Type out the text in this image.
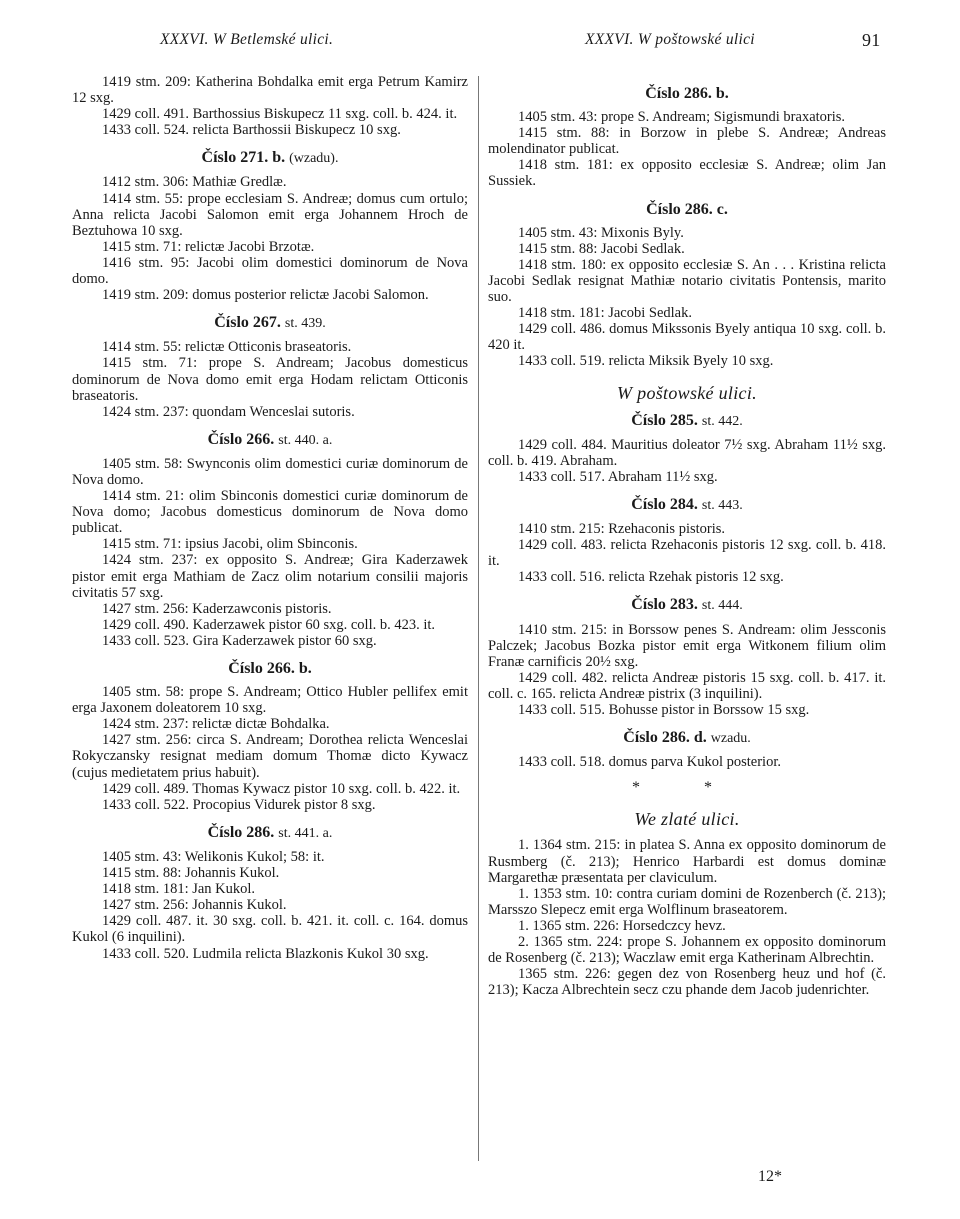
XXXVI. W Betlemské ulici.	XXXVI. W poštowské ulici	91
1419 stm. 209: Katherina Bohdalka emit erga Petrum Kamirz 12 sxg.
1429 coll. 491. Barthossius Biskupecz 11 sxg. coll. b. 424. it.
1433 coll. 524. relicta Barthossii Biskupecz 10 sxg.
Číslo 271. b. (wzadu).
1412 stm. 306: Mathiæ Gredlæ.
1414 stm. 55: prope ecclesiam S. Andreæ; domus cum ortulo; Anna relicta Jacobi Salomon emit erga Johannem Hroch de Beztuhowa 10 sxg.
1415 stm. 71: relictæ Jacobi Brzotæ.
1416 stm. 95: Jacobi olim domestici dominorum de Nova domo.
1419 stm. 209: domus posterior relictæ Jacobi Salomon.
Číslo 267. st. 439.
1414 stm. 55: relictæ Otticonis braseatoris.
1415 stm. 71: prope S. Andream; Jacobus domesticus dominorum de Nova domo emit erga Hodam relictam Otticonis braseatoris.
1424 stm. 237: quondam Wenceslai sutoris.
Číslo 266. st. 440. a.
1405 stm. 58: Swynconis olim domestici curiæ dominorum de Nova domo.
1414 stm. 21: olim Sbinconis domestici curiæ dominorum de Nova domo; Jacobus domesticus dominorum de Nova domo publicat.
1415 stm. 71: ipsius Jacobi, olim Sbinconis.
1424 stm. 237: ex opposito S. Andreæ; Gira Kaderzawek pistor emit erga Mathiam de Zacz olim notarium consilii majoris civitatis 57 sxg.
1427 stm. 256: Kaderzawconis pistoris.
1429 coll. 490. Kaderzawek pistor 60 sxg. coll. b. 423. it.
1433 coll. 523. Gira Kaderzawek pistor 60 sxg.
Číslo 266. b.
1405 stm. 58: prope S. Andream; Ottico Hubler pellifex emit erga Jaxonem doleatorem 10 sxg.
1424 stm. 237: relictæ dictæ Bohdalka.
1427 stm. 256: circa S. Andream; Dorothea relicta Wenceslai Rokyczansky resignat mediam domum Thomæ dicto Kywacz (cujus medietatem prius habuit).
1429 coll. 489. Thomas Kywacz pistor 10 sxg. coll. b. 422. it.
1433 coll. 522. Procopius Vidurek pistor 8 sxg.
Číslo 286. st. 441. a.
1405 stm. 43: Welikonis Kukol; 58: it.
1415 stm. 88: Johannis Kukol.
1418 stm. 181: Jan Kukol.
1427 stm. 256: Johannis Kukol.
1429 coll. 487. it. 30 sxg. coll. b. 421. it. coll. c. 164. domus Kukol (6 inquilini).
1433 coll. 520. Ludmila relicta Blazkonis Kukol 30 sxg.
Číslo 286. b.
1405 stm. 43: prope S. Andream; Sigismundi braxatoris.
1415 stm. 88: in Borzow in plebe S. Andreæ; Andreas molendinator publicat.
1418 stm. 181: ex opposito ecclesiæ S. Andreæ; olim Jan Sussiek.
Číslo 286. c.
1405 stm. 43: Mixonis Byly.
1415 stm. 88: Jacobi Sedlak.
1418 stm. 180: ex opposito ecclesiæ S. An . . . Kristina relicta Jacobi Sedlak resignat Mathiæ notario civitatis Pontensis, marito suo.
1418 stm. 181: Jacobi Sedlak.
1429 coll. 486. domus Mikssonis Byely antiqua 10 sxg. coll. b. 420 it.
1433 coll. 519. relicta Miksik Byely 10 sxg.
W poštowské ulici.
Číslo 285. st. 442.
1429 coll. 484. Mauritius doleator 7½ sxg. Abraham 11½ sxg. coll. b. 419. Abraham.
1433 coll. 517. Abraham 11½ sxg.
Číslo 284. st. 443.
1410 stm. 215: Rzehaconis pistoris.
1429 coll. 483. relicta Rzehaconis pistoris 12 sxg. coll. b. 418. it.
1433 coll. 516. relicta Rzehak pistoris 12 sxg.
Číslo 283. st. 444.
1410 stm. 215: in Borssow penes S. Andream: olim Jessconis Palczek; Jacobus Bozka pistor emit erga Witkonem filium olim Franæ carnificis 20½ sxg.
1429 coll. 482. relicta Andreæ pistoris 15 sxg. coll. b. 417. it. coll. c. 165. relicta Andreæ pistrix (3 inquilini).
1433 coll. 515. Bohusse pistor in Borssow 15 sxg.
Číslo 286. d. wzadu.
1433 coll. 518. domus parva Kukol posterior.
* *
We zlaté ulici.
1. 1364 stm. 215: in platea S. Anna ex opposito dominorum de Rusmberg (č. 213); Henrico Harbardi est domus dominæ Margarethæ præsentata per claviculum.
1. 1353 stm. 10: contra curiam domini de Rozenberch (č. 213); Marsszo Slepecz emit erga Wolflinum braseatorem.
1. 1365 stm. 226: Horsedczcy hevz.
2. 1365 stm. 224: prope S. Johannem ex opposito dominorum de Rosenberg (č. 213); Waczlaw emit erga Katherinam Albrechtin.
1365 stm. 226: gegen dez von Rosenberg heuz und hof (č. 213); Kacza Albrechtein secz czu phande dem Jacob judenrichter.
12*
